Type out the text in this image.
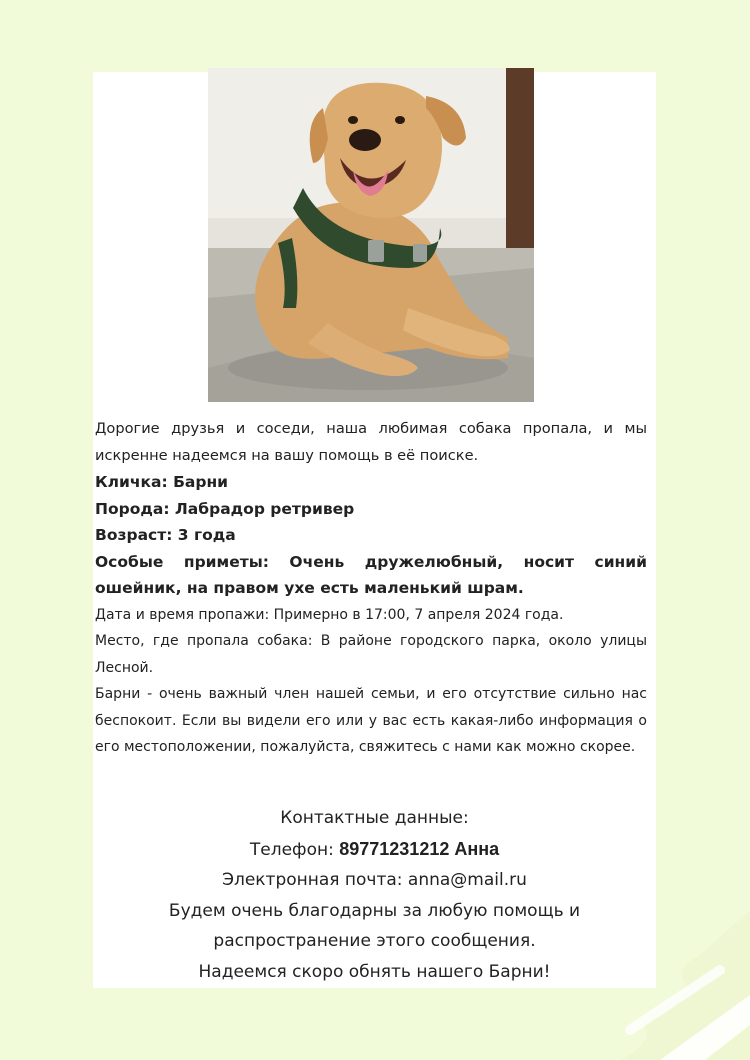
Дорогие друзья и соседи, наша любимая собака пропала, и мы искренне надеемся на вашу помощь в её поиске.

Кличка: Барни

Порода: Лабрадор ретривер

Возраст: 3 года

Особые приметы: Очень дружелюбный, носит синий ошейник, на правом ухе есть маленький шрам.

Дата и время пропажи: Примерно в 17:00, 7 апреля 2024 года.

Место, где пропала собака: В районе городского парка, около улицы Лесной.

Барни - очень важный член нашей семьи, и его отсутствие сильно нас беспокоит. Если вы видели его или у вас есть какая-либо информация о его местоположении, пожалуйста, свяжитесь с нами как можно скорее.

Контактные данные:
Телефон: 89771231212 Анна
Электронная почта: anna@mail.ru
Будем очень благодарны за любую помощь и
распространение этого сообщения.
Надеемся скоро обнять нашего Барни!
